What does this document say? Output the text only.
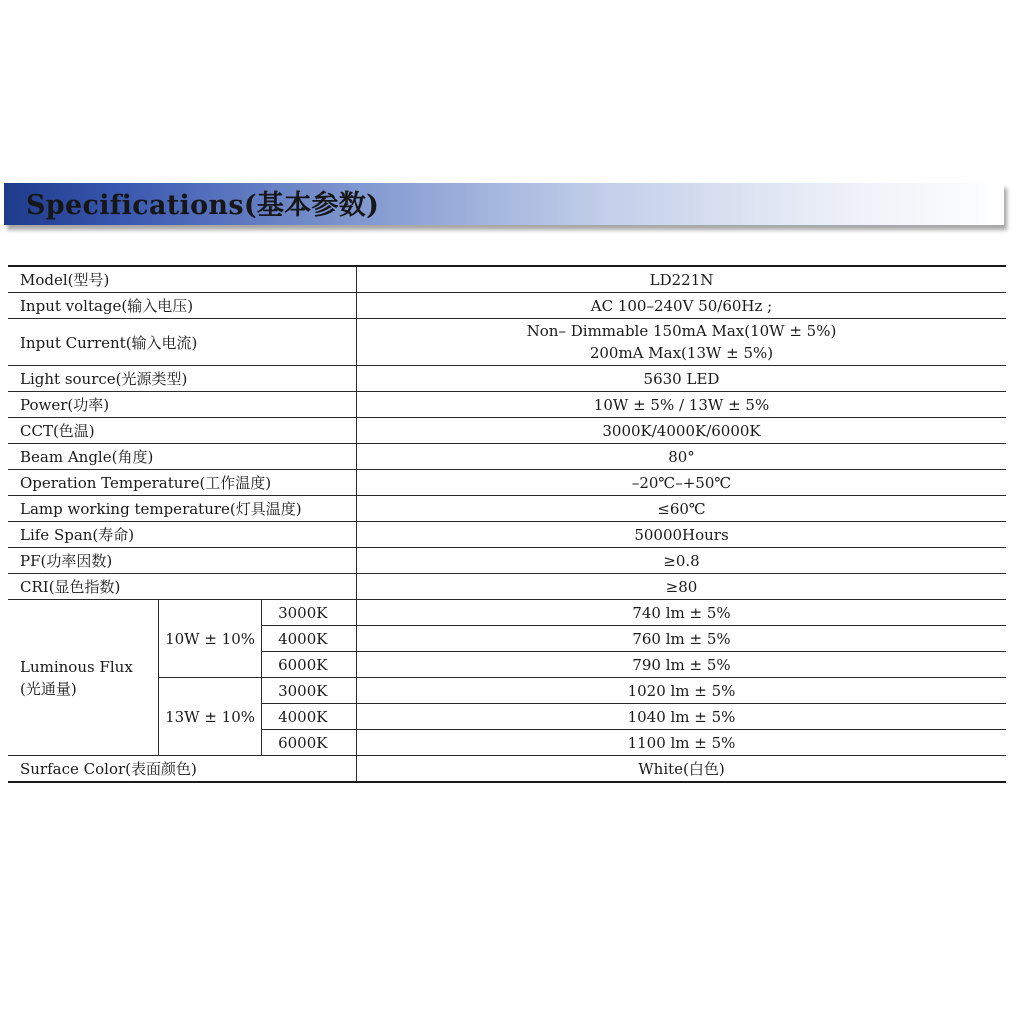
Specifications(基本参数)
Model(型号)			LD221N
Input voltage(输入电压)			AC 100–240V 50/60Hz ;
Input Current(输入电流)			Non– Dimmable 150mA Max(10W ± 5%)
200mA Max(13W ± 5%)

Light source(光源类型)			5630 LED
Power(功率)			10W ± 5% / 13W ± 5%
CCT(色温)			3000K/4000K/6000K
Beam Angle(角度)			80°
Operation Temperature(工作温度)			–20℃–+50℃
Lamp working temperature(灯具温度)			≤60℃
Life Span(寿命)			50000Hours
PF(功率因数)			≥0.8
CRI(显色指数)			≥80

Luminous Flux
(光通量)	10W ± 10%	3000K	740 lm ± 5%
		4000K	760 lm ± 5%
		6000K	790 lm ± 5%
	13W ± 10%	3000K	1020 lm ± 5%
		4000K	1040 lm ± 5%
		6000K	1100 lm ± 5%
Surface Color(表面颜色)			White(白色)
